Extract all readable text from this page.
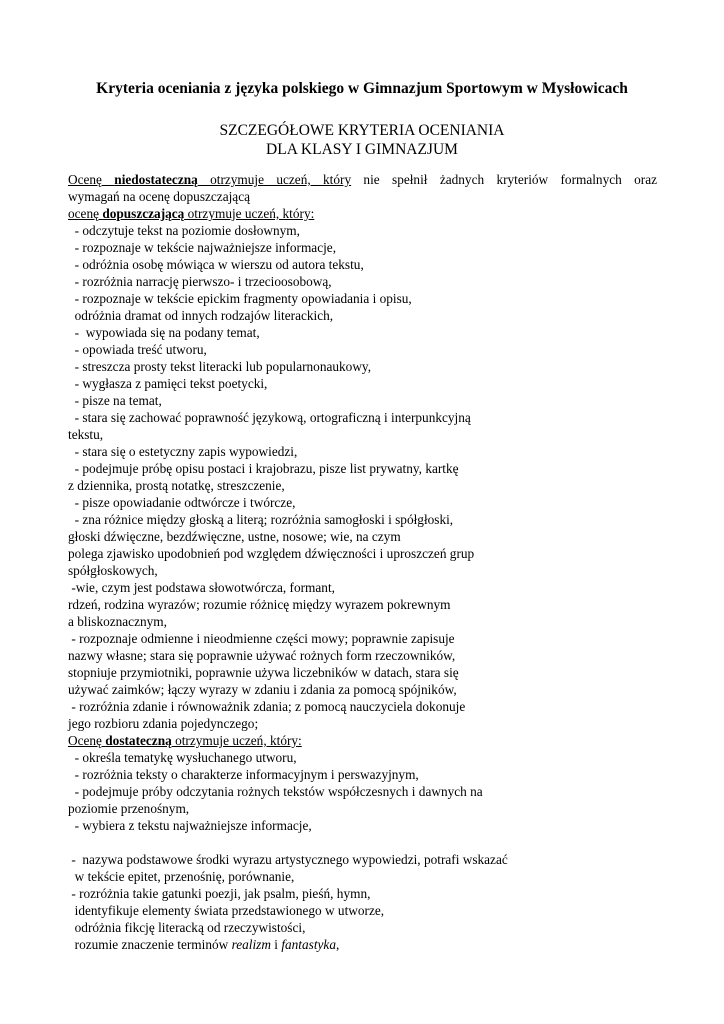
Kryteria oceniania z języka polskiego w Gimnazjum Sportowym w Mysłowicach
SZCZEGÓŁOWE KRYTERIA OCENIANIA
DLA KLASY I GIMNAZJUM
Ocenę niedostateczną otrzymuje uczeń, który nie spełnił żadnych kryteriów formalnych oraz
wymagań na ocenę dopuszczającą
ocenę dopuszczającą otrzymuje uczeń, który:
- odczytuje tekst na poziomie dosłownym,
- rozpoznaje w tekście najważniejsze informacje,
- odróżnia osobę mówiąca w wierszu od autora tekstu,
- rozróżnia narrację pierwszo- i trzecioosobową,
- rozpoznaje w tekście epickim fragmenty opowiadania i opisu,
odróżnia dramat od innych rodzajów literackich,
-  wypowiada się na podany temat,
- opowiada treść utworu,
- streszcza prosty tekst literacki lub popularnonaukowy,
- wygłasza z pamięci tekst poetycki,
- pisze na temat,
- stara się zachować poprawność językową, ortograficzną i interpunkcyjną
tekstu,
- stara się o estetyczny zapis wypowiedzi,
- podejmuje próbę opisu postaci i krajobrazu, pisze list prywatny, kartkę
z dziennika, prostą notatkę, streszczenie,
- pisze opowiadanie odtwórcze i twórcze,
- zna różnice między głoską a literą; rozróżnia samogłoski i spółgłoski,
głoski dźwięczne, bezdźwięczne, ustne, nosowe; wie, na czym
polega zjawisko upodobnień pod względem dźwięczności i uproszczeń grup
spółgłoskowych,
-wie, czym jest podstawa słowotwórcza, formant,
rdzeń, rodzina wyrazów; rozumie różnicę między wyrazem pokrewnym
a bliskoznacznym,
- rozpoznaje odmienne i nieodmienne części mowy; poprawnie zapisuje
nazwy własne; stara się poprawnie używać rożnych form rzeczowników,
stopniuje przymiotniki, poprawnie używa liczebników w datach, stara się
używać zaimków; łączy wyrazy w zdaniu i zdania za pomocą spójników,
- rozróżnia zdanie i równoważnik zdania; z pomocą nauczyciela dokonuje
jego rozbioru zdania pojedynczego;
Ocenę dostateczną otrzymuje uczeń, który:
- określa tematykę wysłuchanego utworu,
- rozróżnia teksty o charakterze informacyjnym i perswazyjnym,
- podejmuje próby odczytania rożnych tekstów współczesnych i dawnych na
poziomie przenośnym,
- wybiera z tekstu najważniejsze informacje,
-  nazywa podstawowe środki wyrazu artystycznego wypowiedzi, potrafi wskazać
w tekście epitet, przenośnię, porównanie,
- rozróżnia takie gatunki poezji, jak psalm, pieśń, hymn,
identyfikuje elementy świata przedstawionego w utworze,
odróżnia fikcję literacką od rzeczywistości,
rozumie znaczenie terminów realizm i fantastyka,
